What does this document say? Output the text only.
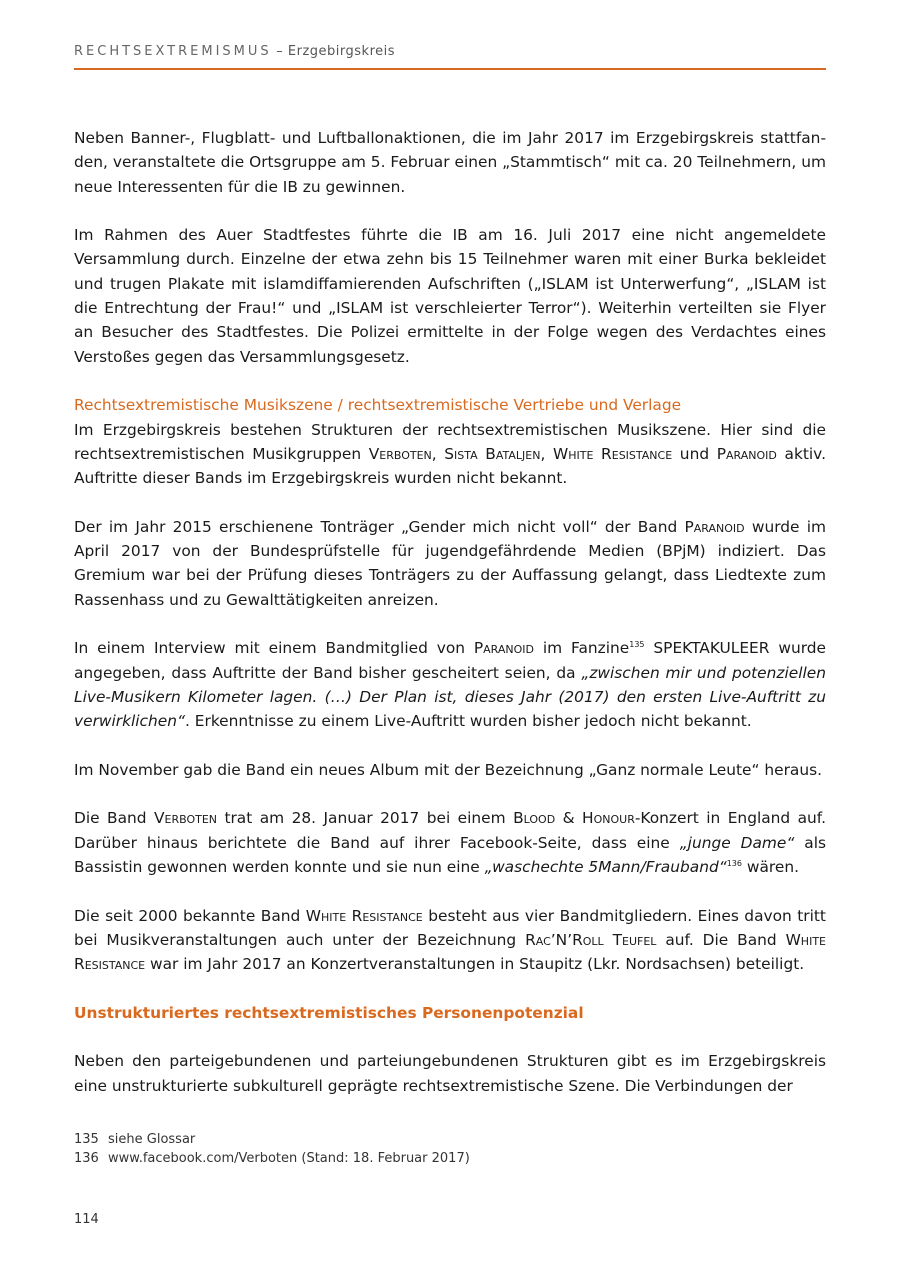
RECHTSEXTREMISMUS – Erzgebirgskreis

Neben Banner-, Flugblatt- und Luftballonaktionen, die im Jahr 2017 im Erzgebirgskreis stattfanden, veranstaltete die Ortsgruppe am 5. Februar einen „Stammtisch“ mit ca. 20 Teilnehmern, um neue Interessenten für die IB zu gewinnen.

Im Rahmen des Auer Stadtfestes führte die IB am 16. Juli 2017 eine nicht angemeldete Versammlung durch. Einzelne der etwa zehn bis 15 Teilnehmer waren mit einer Burka bekleidet und trugen Plakate mit islamdiffamierenden Aufschriften („ISLAM ist Unterwerfung“, „ISLAM ist die Entrechtung der Frau!“ und „ISLAM ist verschleierter Terror“). Weiterhin verteilten sie Flyer an Besucher des Stadtfestes. Die Polizei ermittelte in der Folge wegen des Verdachtes eines Verstoßes gegen das Versammlungsgesetz.

Rechtsextremistische Musikszene / rechtsextremistische Vertriebe und Verlage

Im Erzgebirgskreis bestehen Strukturen der rechtsextremistischen Musikszene. Hier sind die rechtsextremistischen Musikgruppen Verboten, Sista Bataljen, White Resistance und Paranoid aktiv. Auftritte dieser Bands im Erzgebirgskreis wurden nicht bekannt.

Der im Jahr 2015 erschienene Tonträger „Gender mich nicht voll“ der Band Paranoid wurde im April 2017 von der Bundesprüfstelle für jugendgefährdende Medien (BPjM) indiziert. Das Gremium war bei der Prüfung dieses Tonträgers zu der Auffassung gelangt, dass Liedtexte zum Rassenhass und zu Gewalttätigkeiten anreizen.

In einem Interview mit einem Bandmitglied von Paranoid im Fanzine$^{135}$ SPEKTAKULEER wurde angegeben, dass Auftritte der Band bisher gescheitert seien, da „zwischen mir und potenziellen Live-Musikern Kilometer lagen. (…) Der Plan ist, dieses Jahr (2017) den ersten Live-Auftritt zu verwirklichen“. Erkenntnisse zu einem Live-Auftritt wurden bisher jedoch nicht bekannt.

Im November gab die Band ein neues Album mit der Bezeichnung „Ganz normale Leute“ heraus.

Die Band Verboten trat am 28. Januar 2017 bei einem Blood & Honour-Konzert in England auf. Darüber hinaus berichtete die Band auf ihrer Facebook-Seite, dass eine „junge Dame“ als Bassistin gewonnen werden konnte und sie nun eine „waschechte 5Mann/Frauband“$^{136}$ wären.

Die seit 2000 bekannte Band White Resistance besteht aus vier Bandmitgliedern. Eines davon tritt bei Musikveranstaltungen auch unter der Bezeichnung Rac’N’Roll Teufel auf. Die Band White Resistance war im Jahr 2017 an Konzertveranstaltungen in Staupitz (Lkr. Nordsachsen) beteiligt.

Unstrukturiertes rechtsextremistisches Personenpotenzial

Neben den parteigebundenen und parteiungebundenen Strukturen gibt es im Erzgebirgskreis eine unstrukturierte subkulturell geprägte rechtsextremistische Szene. Die Verbindungen der

135 siehe Glossar
136 www.facebook.com/Verboten (Stand: 18. Februar 2017)
114
